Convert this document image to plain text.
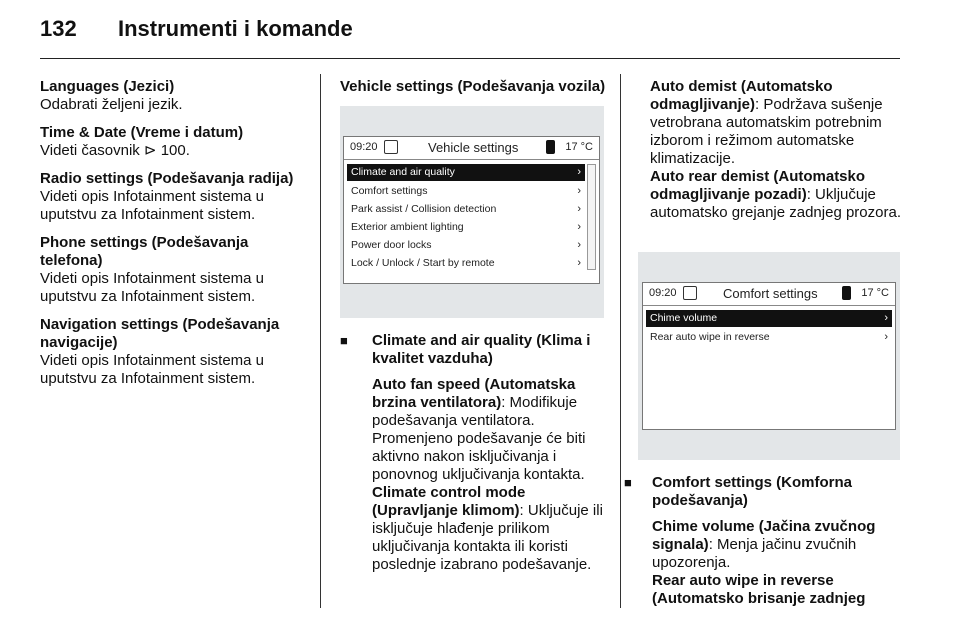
132 Instrumenti i komande

Languages (Jezici)

Odabrati željeni jezik.

Time & Date (Vreme i datum)

Videti časovnik ⊳ 100.

Radio settings (Podešavanja radija)

Videti opis Infotainment sistema u uputstvu za Infotainment sistem.

Phone settings (Podešavanja telefona)

Videti opis Infotainment sistema u uputstvu za Infotainment sistem.

Navigation settings (Podešavanja navigacije)

Videti opis Infotainment sistema u uputstvu za Infotainment sistem.

Vehicle settings (Podešavanja vozila)

09:20	Vehicle settings	17 °C
Climate and air quality	›
Comfort settings	›
Park assist / Collision detection	›
Exterior ambient lighting	›
Power door locks	›
Lock / Unlock / Start by remote	›
■ Climate and air quality (Klima i kvalitet vazduha)

Auto fan speed (Automatska brzina ventilatora): Modifikuje podešavanja ventilatora. Promenjeno podešavanje će biti aktivno nakon isključivanja i ponovnog uključivanja kontakta.

Climate control mode (Upravljanje klimom): Uključuje ili isključuje hlađenje prilikom uključivanja kontakta ili koristi poslednje izabrano podešavanje.

Auto demist (Automatsko odmagljivanje): Podržava sušenje vetrobrana automatskim potrebnim izborom i režimom automatske klimatizacije.

Auto rear demist (Automatsko odmagljivanje pozadi): Uključuje automatsko grejanje zadnjeg prozora.

09:20	Comfort settings	17 °C
Chime volume	›
Rear auto wipe in reverse	›
■ Comfort settings (Komforna podešavanja)

Chime volume (Jačina zvučnog signala): Menja jačinu zvučnih upozorenja.

Rear auto wipe in reverse (Automatsko brisanje zadnjeg
